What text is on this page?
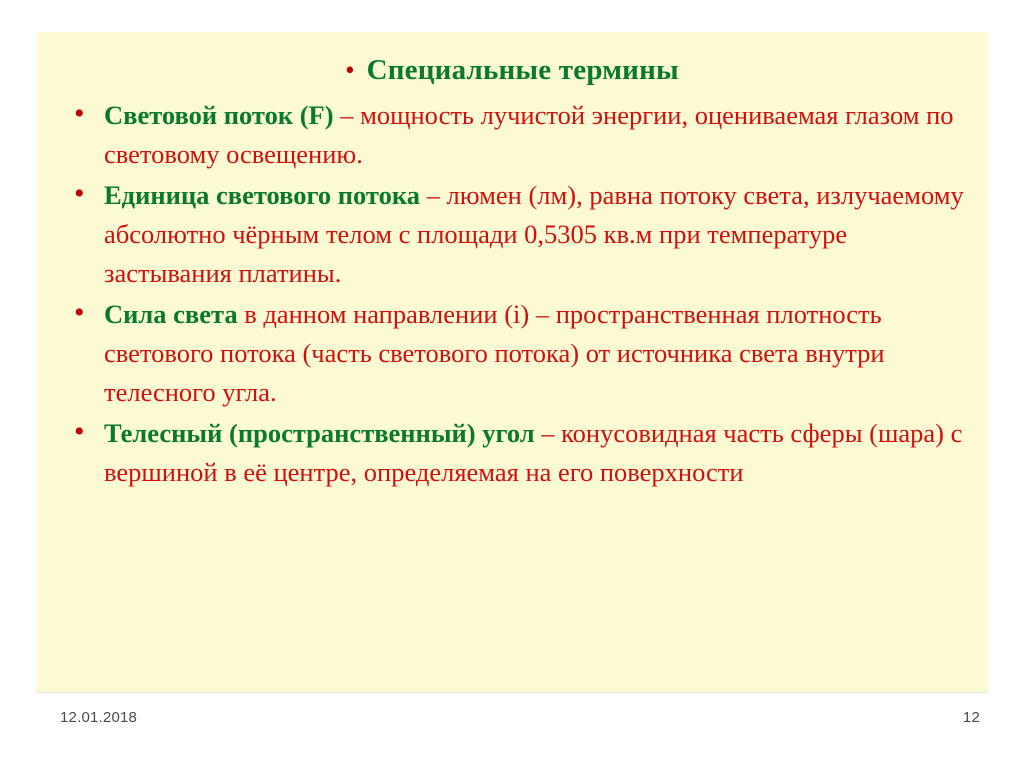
• Специальные термины
• Световой поток (F) – мощность лучистой энергии, оцениваемая глазом по световому освещению.
• Единица светового потока – люмен (лм), равна потоку света, излучаемому абсолютно чёрным телом с площади 0,5305 кв.м при температуре застывания платины.
• Сила света в данном направлении (i) – пространственная плотность светового потока (часть светового потока) от источника света внутри телесного угла.
• Телесный (пространственный) угол – конусовидная часть сферы (шара) с вершиной в её центре, определяемая на его поверхности
12.01.2018	12
